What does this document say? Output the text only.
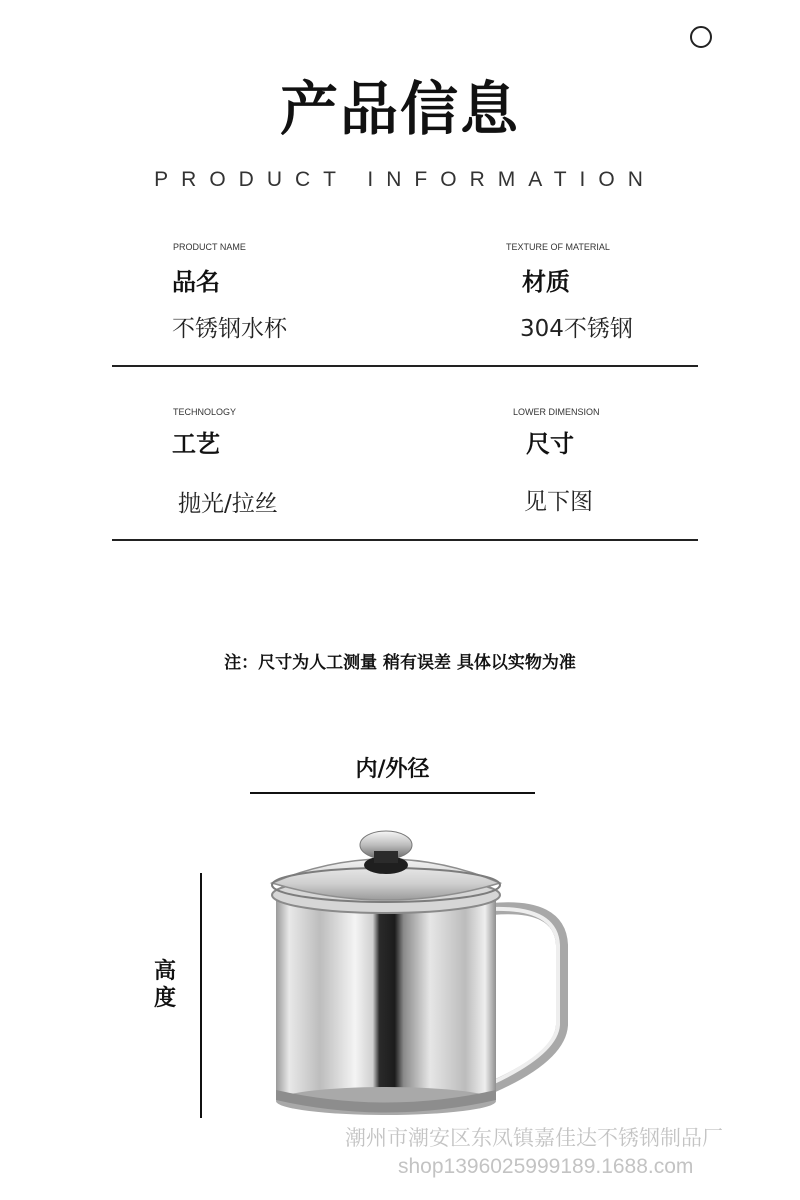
产品信息
PRODUCT INFORMATION
PRODUCT NAME
品名
不锈钢水杯
TEXTURE OF MATERIAL
材质
304不锈钢
TECHNOLOGY
工艺
抛光/拉丝
LOWER DIMENSION
尺寸
见下图
注：尺寸为人工测量 稍有误差 具体以实物为准
内/外径
高度
潮州市潮安区东凤镇嘉佳达不锈钢制品厂
shop1396025999189.1688.com
